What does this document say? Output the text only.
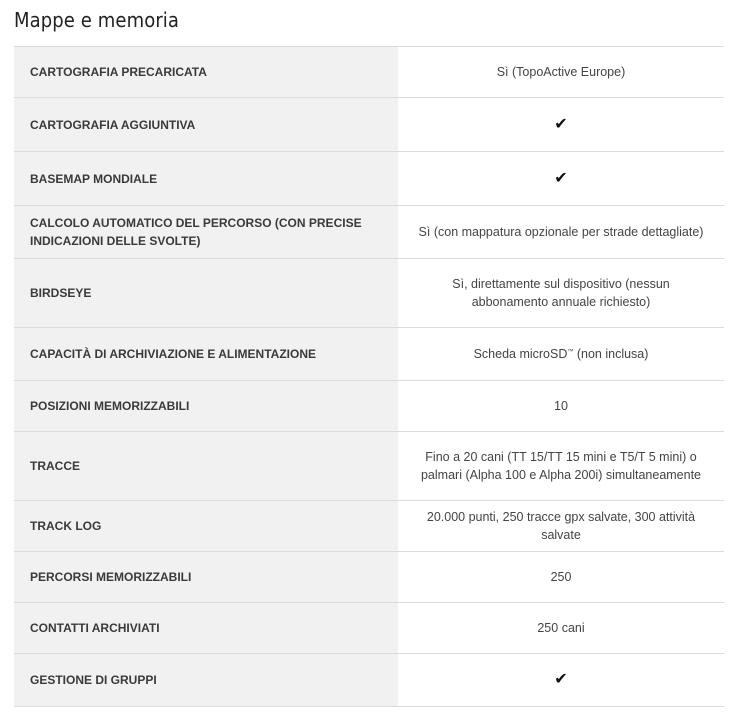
Mappe e memoria
CARTOGRAFIA PRECARICATA	Sì (TopoActive Europe)
CARTOGRAFIA AGGIUNTIVA	✔
BASEMAP MONDIALE	✔
CALCOLO AUTOMATICO DEL PERCORSO (CON PRECISE INDICAZIONI DELLE SVOLTE)	Sì (con mappatura opzionale per strade dettagliate)
BIRDSEYE	Sì, direttamente sul dispositivo (nessun abbonamento annuale richiesto)
CAPACITÀ DI ARCHIVIAZIONE E ALIMENTAZIONE	Scheda microSD™ (non inclusa)
POSIZIONI MEMORIZZABILI	10
TRACCE	Fino a 20 cani (TT 15/TT 15 mini e T5/T 5 mini) o palmari (Alpha 100 e Alpha 200i) simultaneamente
TRACK LOG	20.000 punti, 250 tracce gpx salvate, 300 attività salvate
PERCORSI MEMORIZZABILI	250
CONTATTI ARCHIVIATI	250 cani
GESTIONE DI GRUPPI	✔
